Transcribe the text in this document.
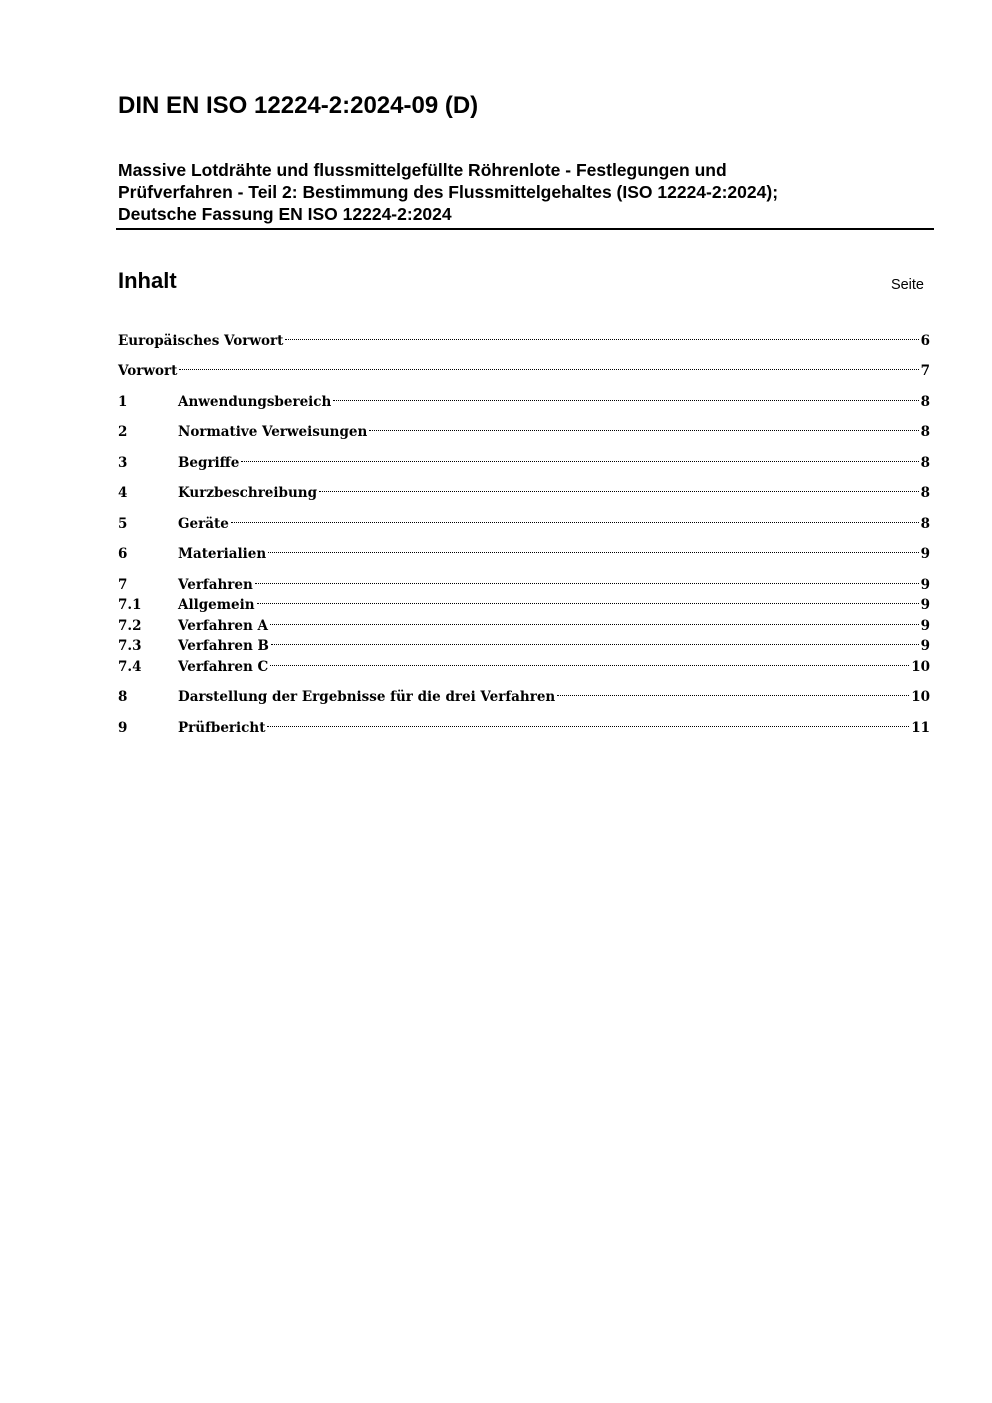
DIN EN ISO 12224-2:2024-09 (D)
Massive Lotdrähte und flussmittelgefüllte Röhrenlote - Festlegungen und
Prüfverfahren - Teil 2: Bestimmung des Flussmittelgehaltes (ISO 12224-2:2024);
Deutsche Fassung EN ISO 12224-2:2024
Inhalt	Seite
Europäisches Vorwort	6
Vorwort	7
1	Anwendungsbereich	8
2	Normative Verweisungen	8
3	Begriffe	8
4	Kurzbeschreibung	8
5	Geräte	8
6	Materialien	9
7	Verfahren	9
7.1	Allgemein	9
7.2	Verfahren A	9
7.3	Verfahren B	9
7.4	Verfahren C	10
8	Darstellung der Ergebnisse für die drei Verfahren	10
9	Prüfbericht	11
